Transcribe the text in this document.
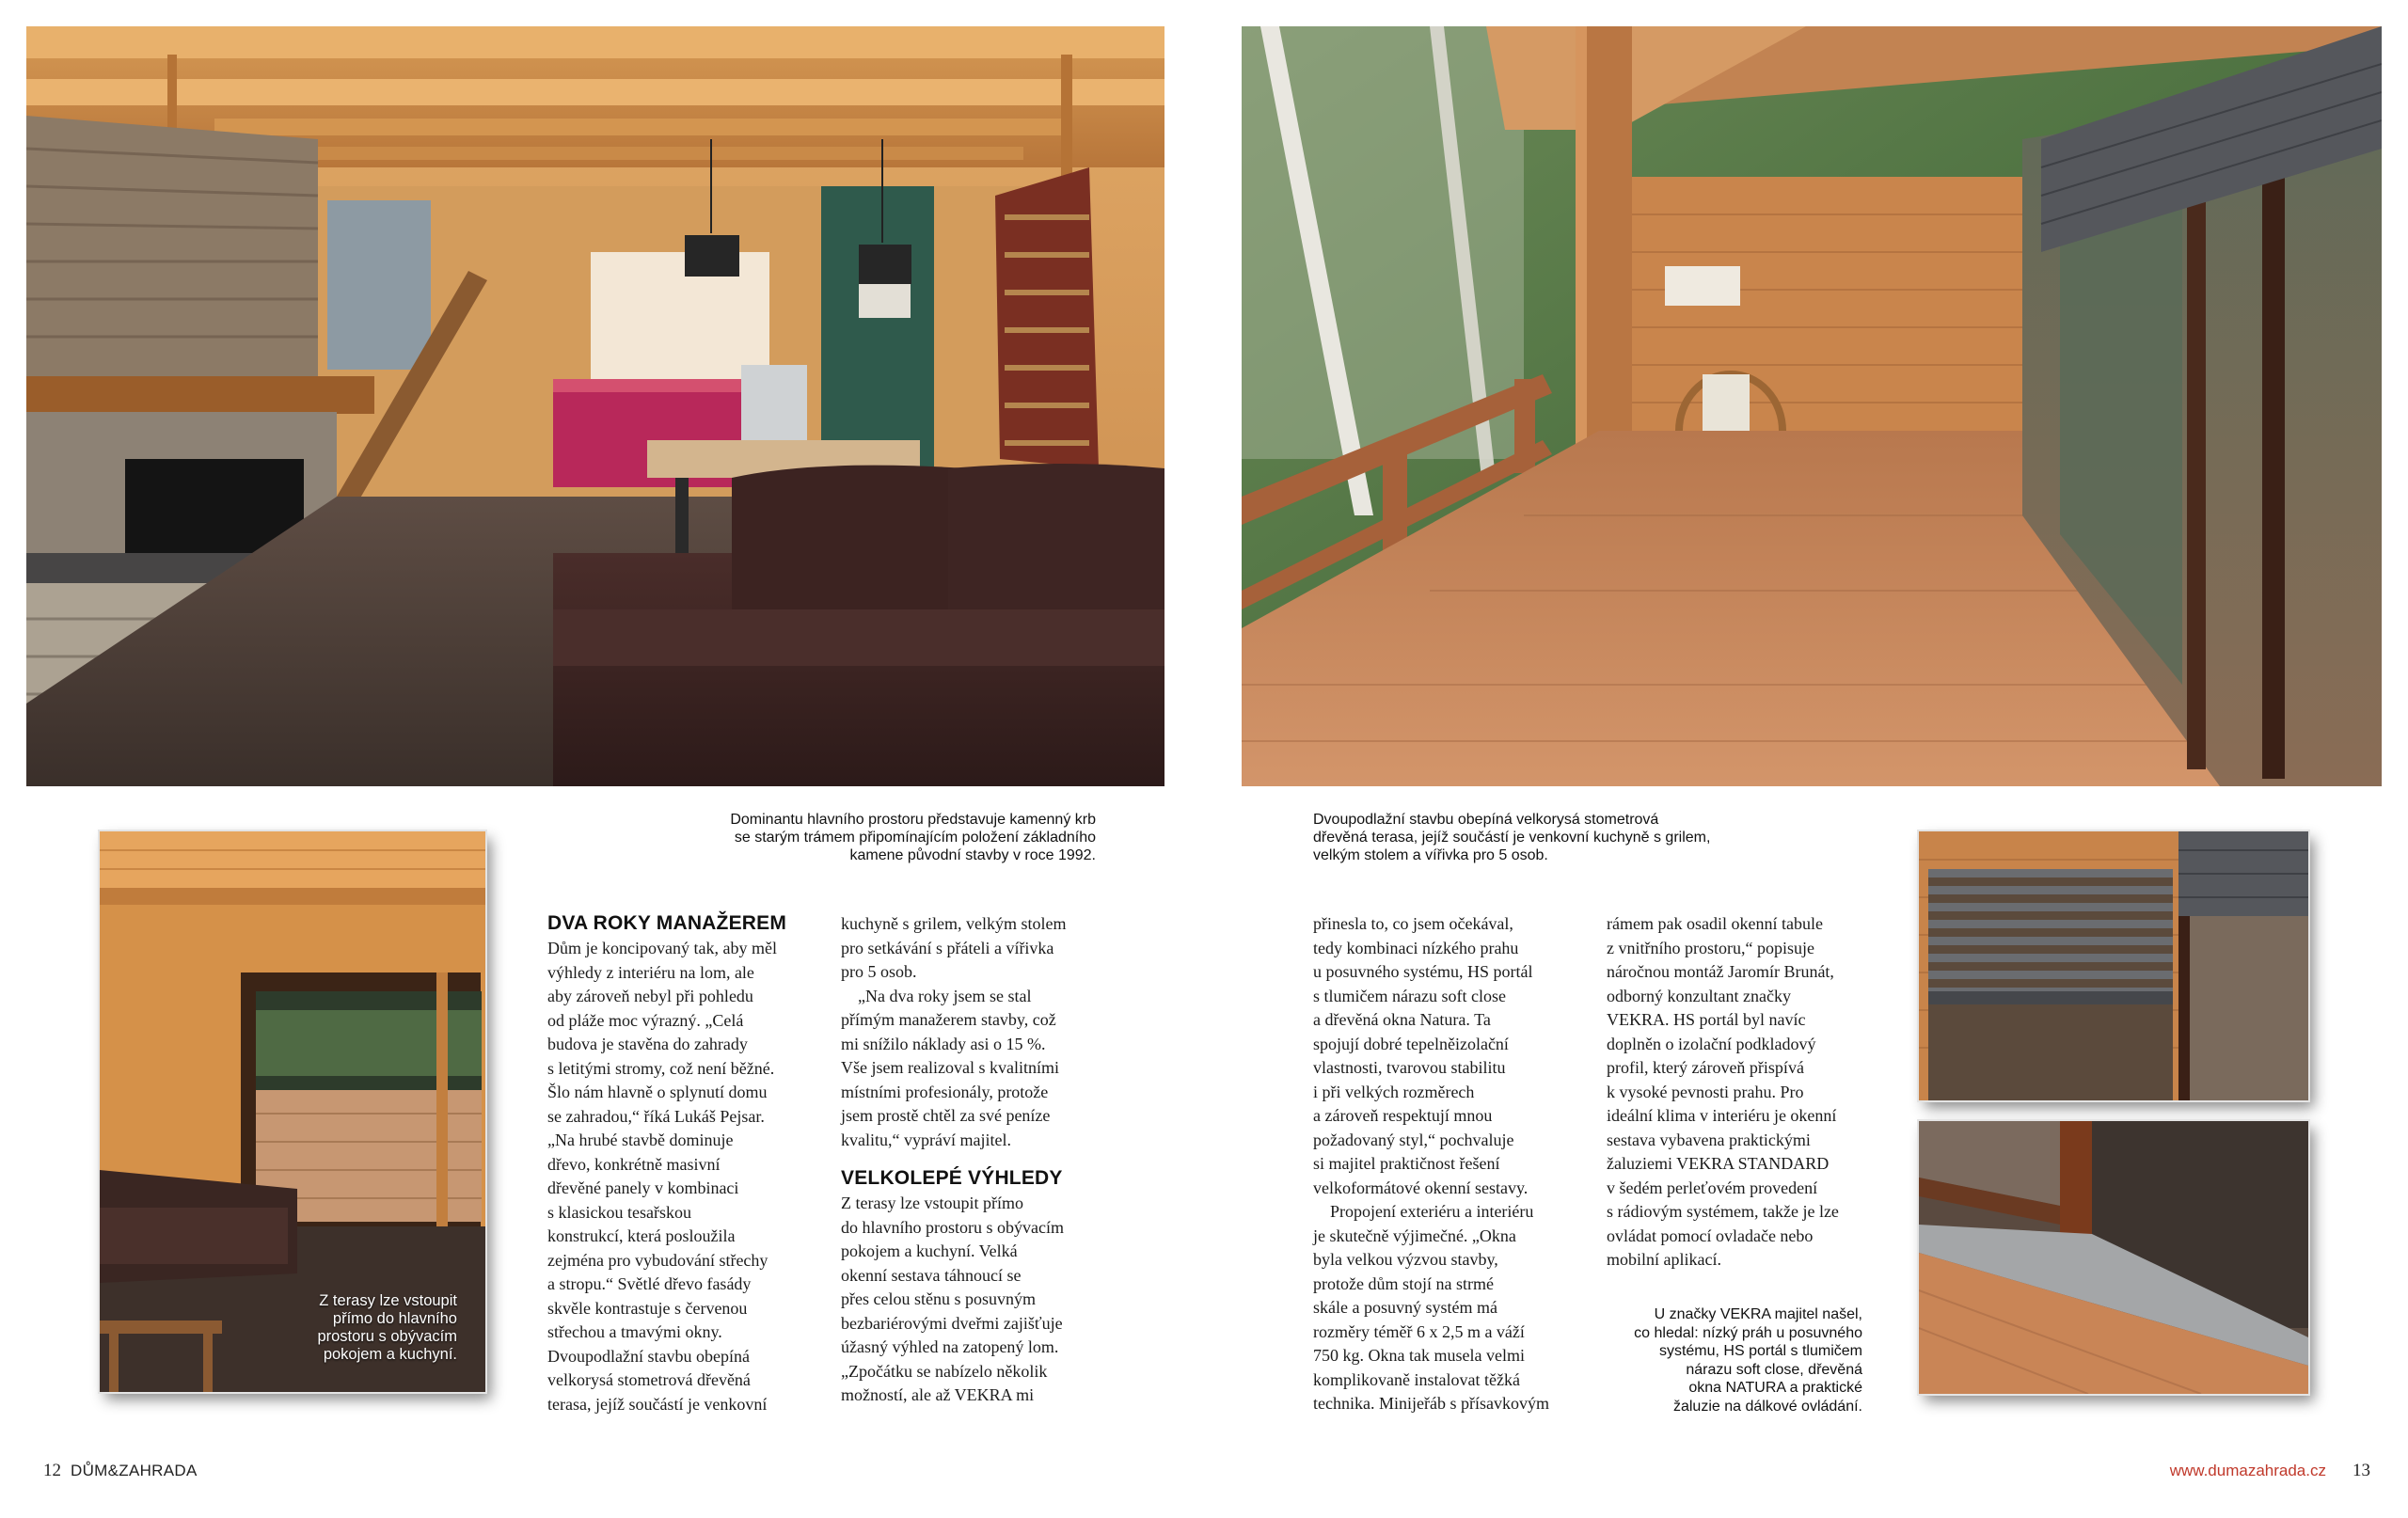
Dominantu hlavního prostoru představuje kamenný krb
se starým trámem připomínajícím položení základního
kamene původní stavby v roce 1992.
Dvoupodlažní stavbu obepíná velkorysá stometrová
dřevěná terasa, jejíž součástí je venkovní kuchyně s grilem,
velkým stolem a vířivka pro 5 osob.
Z terasy lze vstoupit
přímo do hlavního
prostoru s obývacím
pokojem a kuchyní.
DVA ROKY MANAŽEREM
Dům je koncipovaný tak, aby měl
výhledy z interiéru na lom, ale
aby zároveň nebyl při pohledu
od pláže moc výrazný. „Celá
budova je stavěna do zahrady
s letitými stromy, což není běžné.
Šlo nám hlavně o splynutí domu
se zahradou,“ říká Lukáš Pejsar.
„Na hrubé stavbě dominuje
dřevo, konkrétně masivní
dřevěné panely v kombinaci
s klasickou tesařskou
konstrukcí, která posloužila
zejména pro vybudování střechy
a stropu.“ Světlé dřevo fasády
skvěle kontrastuje s červenou
střechou a tmavými okny.
Dvoupodlažní stavbu obepíná
velkorysá stometrová dřevěná
terasa, jejíž součástí je venkovní
kuchyně s grilem, velkým stolem
pro setkávání s přáteli a vířivka
pro 5 osob.
„Na dva roky jsem se stal
přímým manažerem stavby, což
mi snížilo náklady asi o 15 %.
Vše jsem realizoval s kvalitními
místními profesionály, protože
jsem prostě chtěl za své peníze
kvalitu,“ vypráví majitel.
VELKOLEPÉ VÝHLEDY
Z terasy lze vstoupit přímo
do hlavního prostoru s obývacím
pokojem a kuchyní. Velká
okenní sestava táhnoucí se
přes celou stěnu s posuvným
bezbariérovými dveřmi zajišťuje
úžasný výhled na zatopený lom.
„Zpočátku se nabízelo několik
možností, ale až VEKRA mi
přinesla to, co jsem očekával,
tedy kombinaci nízkého prahu
u posuvného systému, HS portál
s tlumičem nárazu soft close
a dřevěná okna Natura. Ta
spojují dobré tepelněizolační
vlastnosti, tvarovou stabilitu
i při velkých rozměrech
a zároveň respektují mnou
požadovaný styl,“ pochvaluje
si majitel praktičnost řešení
velkoformátové okenní sestavy.
Propojení exteriéru a interiéru
je skutečně výjimečné. „Okna
byla velkou výzvou stavby,
protože dům stojí na strmé
skále a posuvný systém má
rozměry téměř 6 x 2,5 m a váží
750 kg. Okna tak musela velmi
komplikovaně instalovat těžká
technika. Minijeřáb s přísavkovým
rámem pak osadil okenní tabule
z vnitřního prostoru,“ popisuje
náročnou montáž Jaromír Brunát,
odborný konzultant značky
VEKRA. HS portál byl navíc
doplněn o izolační podkladový
profil, který zároveň přispívá
k vysoké pevnosti prahu. Pro
ideální klima v interiéru je okenní
sestava vybavena praktickými
žaluziemi VEKRA STANDARD
v šedém perleťovém provedení
s rádiovým systémem, takže je lze
ovládat pomocí ovladače nebo
mobilní aplikací.
U značky VEKRA majitel našel,
co hledal: nízký práh u posuvného
systému, HS portál s tlumičem
nárazu soft close, dřevěná
okna NATURA a praktické
žaluzie na dálkové ovládání.
12 DŮM&ZAHRADA	www.dumazahrada.cz 13
